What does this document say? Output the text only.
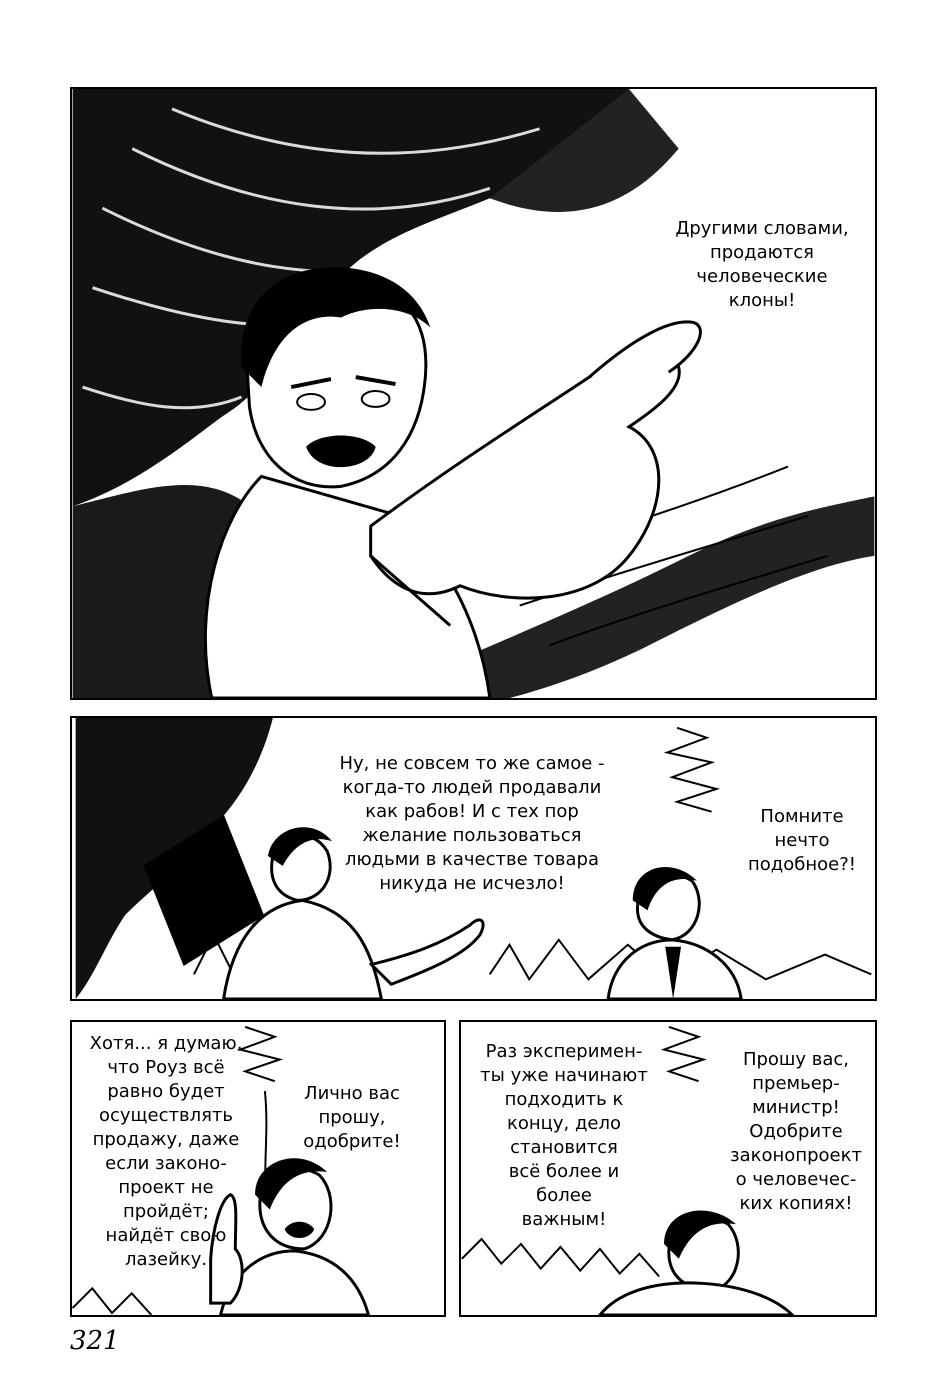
Другими словами,
продаются
человеческие
клоны!
Ну, не совсем то же самое -
когда-то людей продавали
как рабов! И с тех пор
желание пользоваться
людьми в качестве товара
никуда не исчезло!
Помните
нечто
подобное?!
Хотя... я думаю,
что Роуз всё
равно будет
осуществлять
продажу, даже
если законо-
проект не
пройдёт;
найдёт свою
лазейку.
Лично вас
прошу,
одобрите!
Раз эксперимен-
ты уже начинают
подходить к
концу, дело
становится
всё более и
более
важным!
Прошу вас,
премьер-
министр!
Одобрите
законопроект
о человечес-
ких копиях!
321
